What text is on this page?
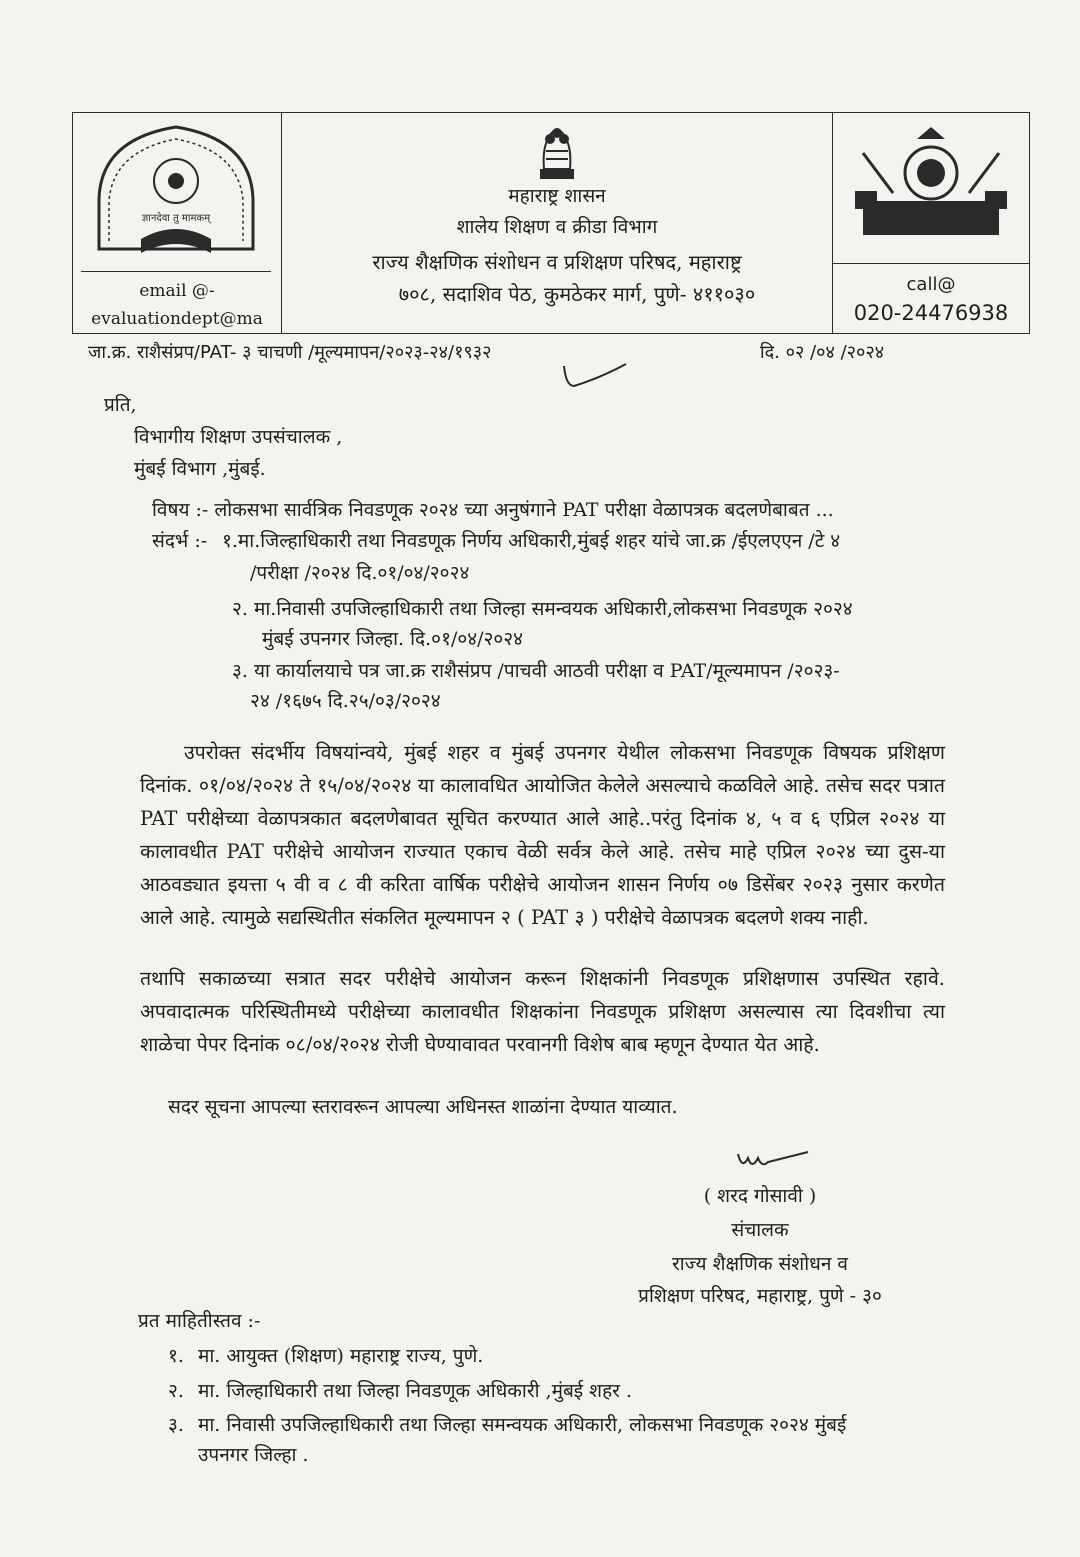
ज्ञानदेवा तु मामकम्
email @-
evaluationdept@ma
महाराष्ट्र शासन
शालेय शिक्षण व क्रीडा विभाग
राज्य शैक्षणिक संशोधन व प्रशिक्षण परिषद, महाराष्ट्र
७०८, सदाशिव पेठ, कुमठेकर मार्ग, पुणे- ४११०३०	call@
020-24476938
जा.क्र. राशैसंप्रप/PAT- ३ चाचणी /मूल्यमापन/२०२३-२४/१९३२	दि. ०२ /०४ /२०२४
प्रति,
विभागीय शिक्षण उपसंचालक ,
मुंबई विभाग ,मुंबई.
विषय :- लोकसभा सार्वत्रिक निवडणूक २०२४ च्या अनुषंगाने PAT परीक्षा वेळापत्रक बदलणेबाबत ...
संदर्भ :- १.मा.जिल्हाधिकारी तथा निवडणूक निर्णय अधिकारी,मुंबई शहर यांचे जा.क्र /ईएलएएन /टे ४
/परीक्षा /२०२४ दि.०१/०४/२०२४
२. मा.निवासी उपजिल्हाधिकारी तथा जिल्हा समन्वयक अधिकारी,लोकसभा निवडणूक २०२४
मुंबई उपनगर जिल्हा. दि.०१/०४/२०२४
३. या कार्यालयाचे पत्र जा.क्र राशैसंप्रप /पाचवी आठवी परीक्षा व PAT/मूल्यमापन /२०२३-
२४ /१६७५ दि.२५/०३/२०२४
उपरोक्त संदर्भीय विषयांन्वये, मुंबई शहर व मुंबई उपनगर येथील लोकसभा निवडणूक विषयक प्रशिक्षण दिनांक. ०१/०४/२०२४ ते १५/०४/२०२४ या कालावधित आयोजित केलेले असल्याचे कळविले आहे. तसेच सदर पत्रात PAT परीक्षेच्या वेळापत्रकात बदलणेबावत सूचित करण्यात आले आहे..परंतु दिनांक ४, ५ व ६ एप्रिल २०२४ या कालावधीत PAT परीक्षेचे आयोजन राज्यात एकाच वेळी सर्वत्र केले आहे. तसेच माहे एप्रिल २०२४ च्या दुस-या आठवड्यात इयत्ता ५ वी व ८ वी करिता वार्षिक परीक्षेचे आयोजन शासन निर्णय ०७ डिसेंबर २०२३ नुसार करणेत आले आहे. त्यामुळे सद्यस्थितीत संकलित मूल्यमापन २ ( PAT ३ ) परीक्षेचे वेळापत्रक बदलणे शक्य नाही.
तथापि सकाळच्या सत्रात सदर परीक्षेचे आयोजन करून शिक्षकांनी निवडणूक प्रशिक्षणास उपस्थित रहावे. अपवादात्मक परिस्थितीमध्ये परीक्षेच्या कालावधीत शिक्षकांना निवडणूक प्रशिक्षण असल्यास त्या दिवशीचा त्या शाळेचा पेपर दिनांक ०८/०४/२०२४ रोजी घेण्यावावत परवानगी विशेष बाब म्हणून देण्यात येत आहे.
सदर सूचना आपल्या स्तरावरून आपल्या अधिनस्त शाळांना देण्यात याव्यात.
( शरद गोसावी )
संचालक
राज्य शैक्षणिक संशोधन व
प्रशिक्षण परिषद, महाराष्ट्र, पुणे - ३०
प्रत माहितीस्तव :-
१. मा. आयुक्त (शिक्षण) महाराष्ट्र राज्य, पुणे.
२. मा. जिल्हाधिकारी तथा जिल्हा निवडणूक अधिकारी ,मुंबई शहर .
३. मा. निवासी उपजिल्हाधिकारी तथा जिल्हा समन्वयक अधिकारी, लोकसभा निवडणूक २०२४ मुंबई
उपनगर जिल्हा .
